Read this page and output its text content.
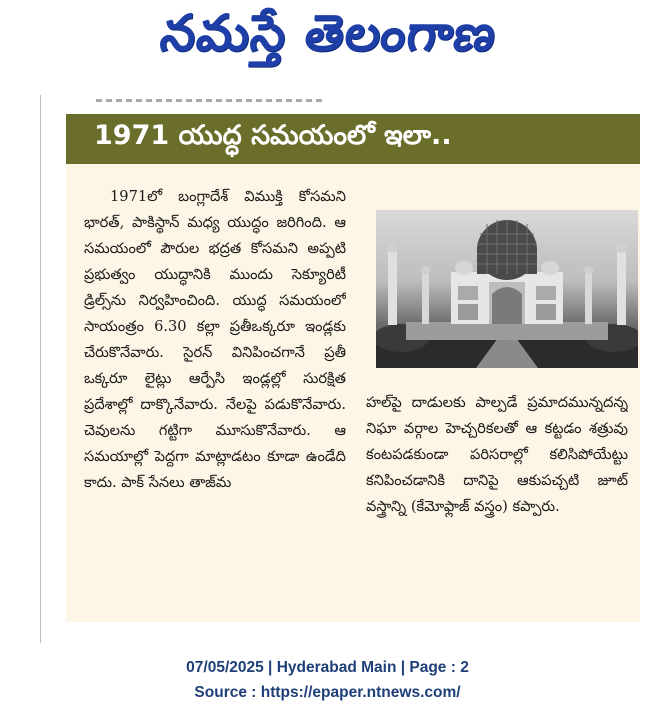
నమస్తే తెలంగాణ
1971 యుద్ధ సమయంలో ఇలా..
1971లో బంగ్లాదేశ్ విముక్తి కోసమని భారత్, పాకిస్థాన్ మధ్య యుద్ధం జరిగింది. ఆ సమయంలో పౌరుల భద్రత కోసమని అప్పటి ప్రభుత్వం యుద్ధానికి ముందు సెక్యూరిటీ డ్రిల్స్‌ను నిర్వహించింది. యుద్ధ సమయంలో సాయంత్రం 6.30 కల్లా ప్రతీఒక్కరూ ఇండ్లకు చేరుకొనేవారు. సైరన్ వినిపించగానే ప్రతీ ఒక్కరూ లైట్లు ఆర్పేసి ఇండ్లల్లో సురక్షిత ప్రదేశాల్లో దాక్కొనేవారు. నేలపై పడుకొనేవారు. చెవులను గట్టిగా మూసుకొనేవారు. ఆ సమయాల్లో పెద్దగా మాట్లాడటం కూడా ఉండేది కాదు. పాక్ సేనలు తాజ్‌మ
హల్‌పై దాడులకు పాల్పడే ప్రమాదమున్నదన్న నిఘా వర్గాల హెచ్చరికలతో ఆ కట్టడం శత్రువు కంటపడకుండా పరిసరాల్లో కలిసిపోయేట్టు కనిపించడానికి దానిపై ఆకుపచ్చటి జూట్ వస్త్రాన్ని (కేమోఫ్లాజ్ వస్త్రం) కప్పారు.
07/05/2025 | Hyderabad Main | Page : 2
Source : https://epaper.ntnews.com/
